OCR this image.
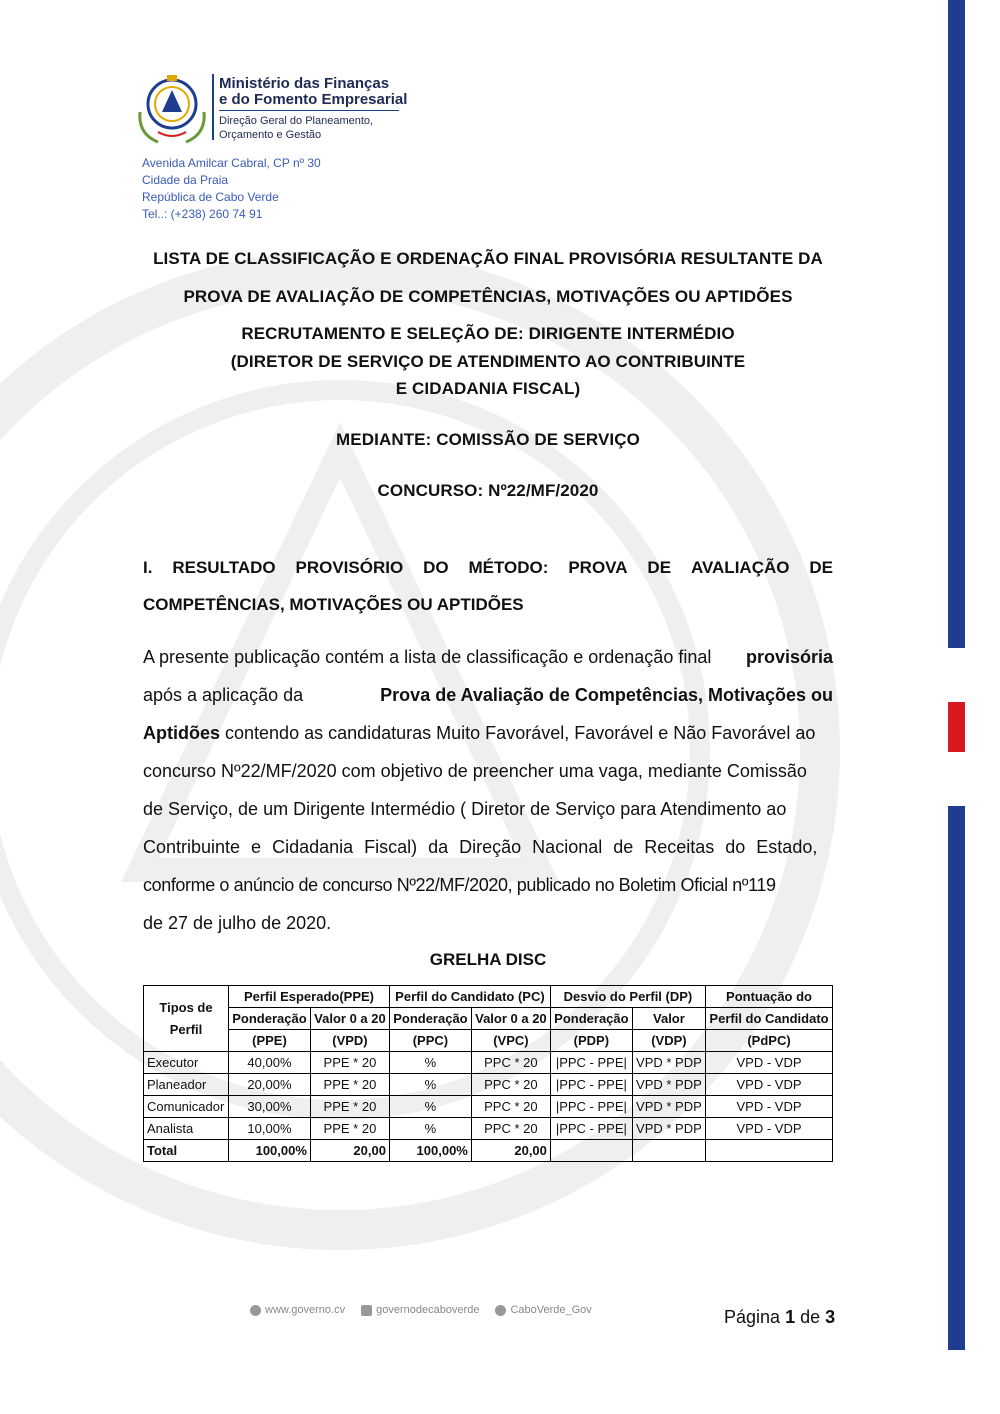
Ministério das Finanças
e do Fomento Empresarial
Direção Geral do Planeamento,
Orçamento e Gestão
Avenida Amilcar Cabral, CP nº 30
Cidade da Praia
República de Cabo Verde
Tel..: (+238) 260 74 91
LISTA DE CLASSIFICAÇÃO E ORDENAÇÃO FINAL PROVISÓRIA RESULTANTE DA
PROVA DE AVALIAÇÃO DE COMPETÊNCIAS, MOTIVAÇÕES OU APTIDÕES
RECRUTAMENTO E SELEÇÃO DE: DIRIGENTE INTERMÉDIO
(DIRETOR DE SERVIÇO DE ATENDIMENTO AO CONTRIBUINTE
E CIDADANIA FISCAL)
MEDIANTE: COMISSÃO DE SERVIÇO
CONCURSO: Nº22/MF/2020
I. RESULTADO PROVISÓRIO DO MÉTODO: PROVA DE AVALIAÇÃO DE
COMPETÊNCIAS, MOTIVAÇÕES OU APTIDÕES
A presente publicação contém a lista de classificação e ordenação final provisória
após a aplicação da	Prova de Avaliação de Competências, Motivações ou
Aptidões contendo as candidaturas Muito Favorável, Favorável e Não Favorável ao
concurso Nº22/MF/2020 com objetivo de preencher uma vaga, mediante Comissão
de Serviço, de um Dirigente Intermédio ( Diretor de Serviço para Atendimento ao
Contribuinte e Cidadania Fiscal) da Direção Nacional de Receitas do Estado,
conforme o anúncio de concurso Nº22/MF/2020, publicado no Boletim Oficial nº119
de 27 de julho de 2020.
GRELHA DISC
Tipos de Perfil	Perfil Esperado(PPE)		Perfil do Candidato (PC)		Desvio do Perfil (DP)		Pontuação do
	Ponderação	Valor 0 a 20	Ponderação	Valor 0 a 20	Ponderação	Valor	Perfil do Candidato
	(PPE)	(VPD)	(PPC)	(VPC)	(PDP)	(VDP)	(PdPC)
Executor	40,00%	PPE * 20	%	PPC * 20	|PPC - PPE|	VPD * PDP	VPD - VDP
Planeador	20,00%	PPE * 20	%	PPC * 20	|PPC - PPE|	VPD * PDP	VPD - VDP
Comunicador	30,00%	PPE * 20	%	PPC * 20	|PPC - PPE|	VPD * PDP	VPD - VDP
Analista	10,00%	PPE * 20	%	PPC * 20	|PPC - PPE|	VPD * PDP	VPD - VDP
Total	100,00%	20,00	100,00%	20,00			
www.governo.cv	governodecaboverde	CaboVerde_Gov	Página 1 de 3
